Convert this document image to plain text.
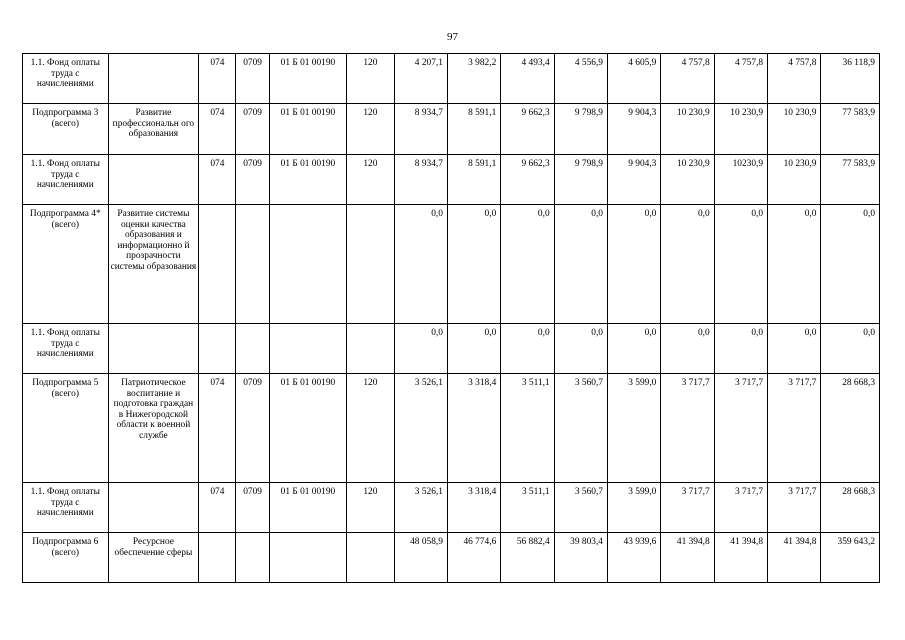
97
1.1. Фонд оплаты труда с начислениями		074	0709	01 Б 01 00190	120	4 207,1	3 982,2	4 493,4	4 556,9	4 605,9	4 757,8	4 757,8	4 757,8	36 118,9
Подпрограмма 3 (всего)	Развитие профессиональн ого образования	074	0709	01 Б 01 00190	120	8 934,7	8 591,1	9 662,3	9 798,9	9 904,3	10 230,9	10 230,9	10 230,9	77 583,9
1.1. Фонд оплаты труда с начислениями		074	0709	01 Б 01 00190	120	8 934,7	8 591,1	9 662,3	9 798,9	9 904,3	10 230,9	10230,9	10 230,9	77 583,9
Подпрограмма 4* (всего)	Развитие системы оценки качества образования и информационно й прозрачности системы образования					0,0	0,0	0,0	0,0	0,0	0,0	0,0	0,0	0,0
1.1. Фонд оплаты труда с начислениями						0,0	0,0	0,0	0,0	0,0	0,0	0,0	0,0	0,0
Подпрограмма 5 (всего)	Патриотическое воспитание и подготовка граждан в Нижегородской области к военной службе	074	0709	01 Б 01 00190	120	3 526,1	3 318,4	3 511,1	3 560,7	3 599,0	3 717,7	3 717,7	3 717,7	28 668,3
1.1. Фонд оплаты труда с начислениями		074	0709	01 Б 01 00190	120	3 526,1	3 318,4	3 511,1	3 560,7	3 599,0	3 717,7	3 717,7	3 717,7	28 668,3
Подпрограмма 6 (всего)	Ресурсное обеспечение сферы					48 058,9	46 774,6	56 882,4	39 803,4	43 939,6	41 394,8	41 394,8	41 394,8	359 643,2
